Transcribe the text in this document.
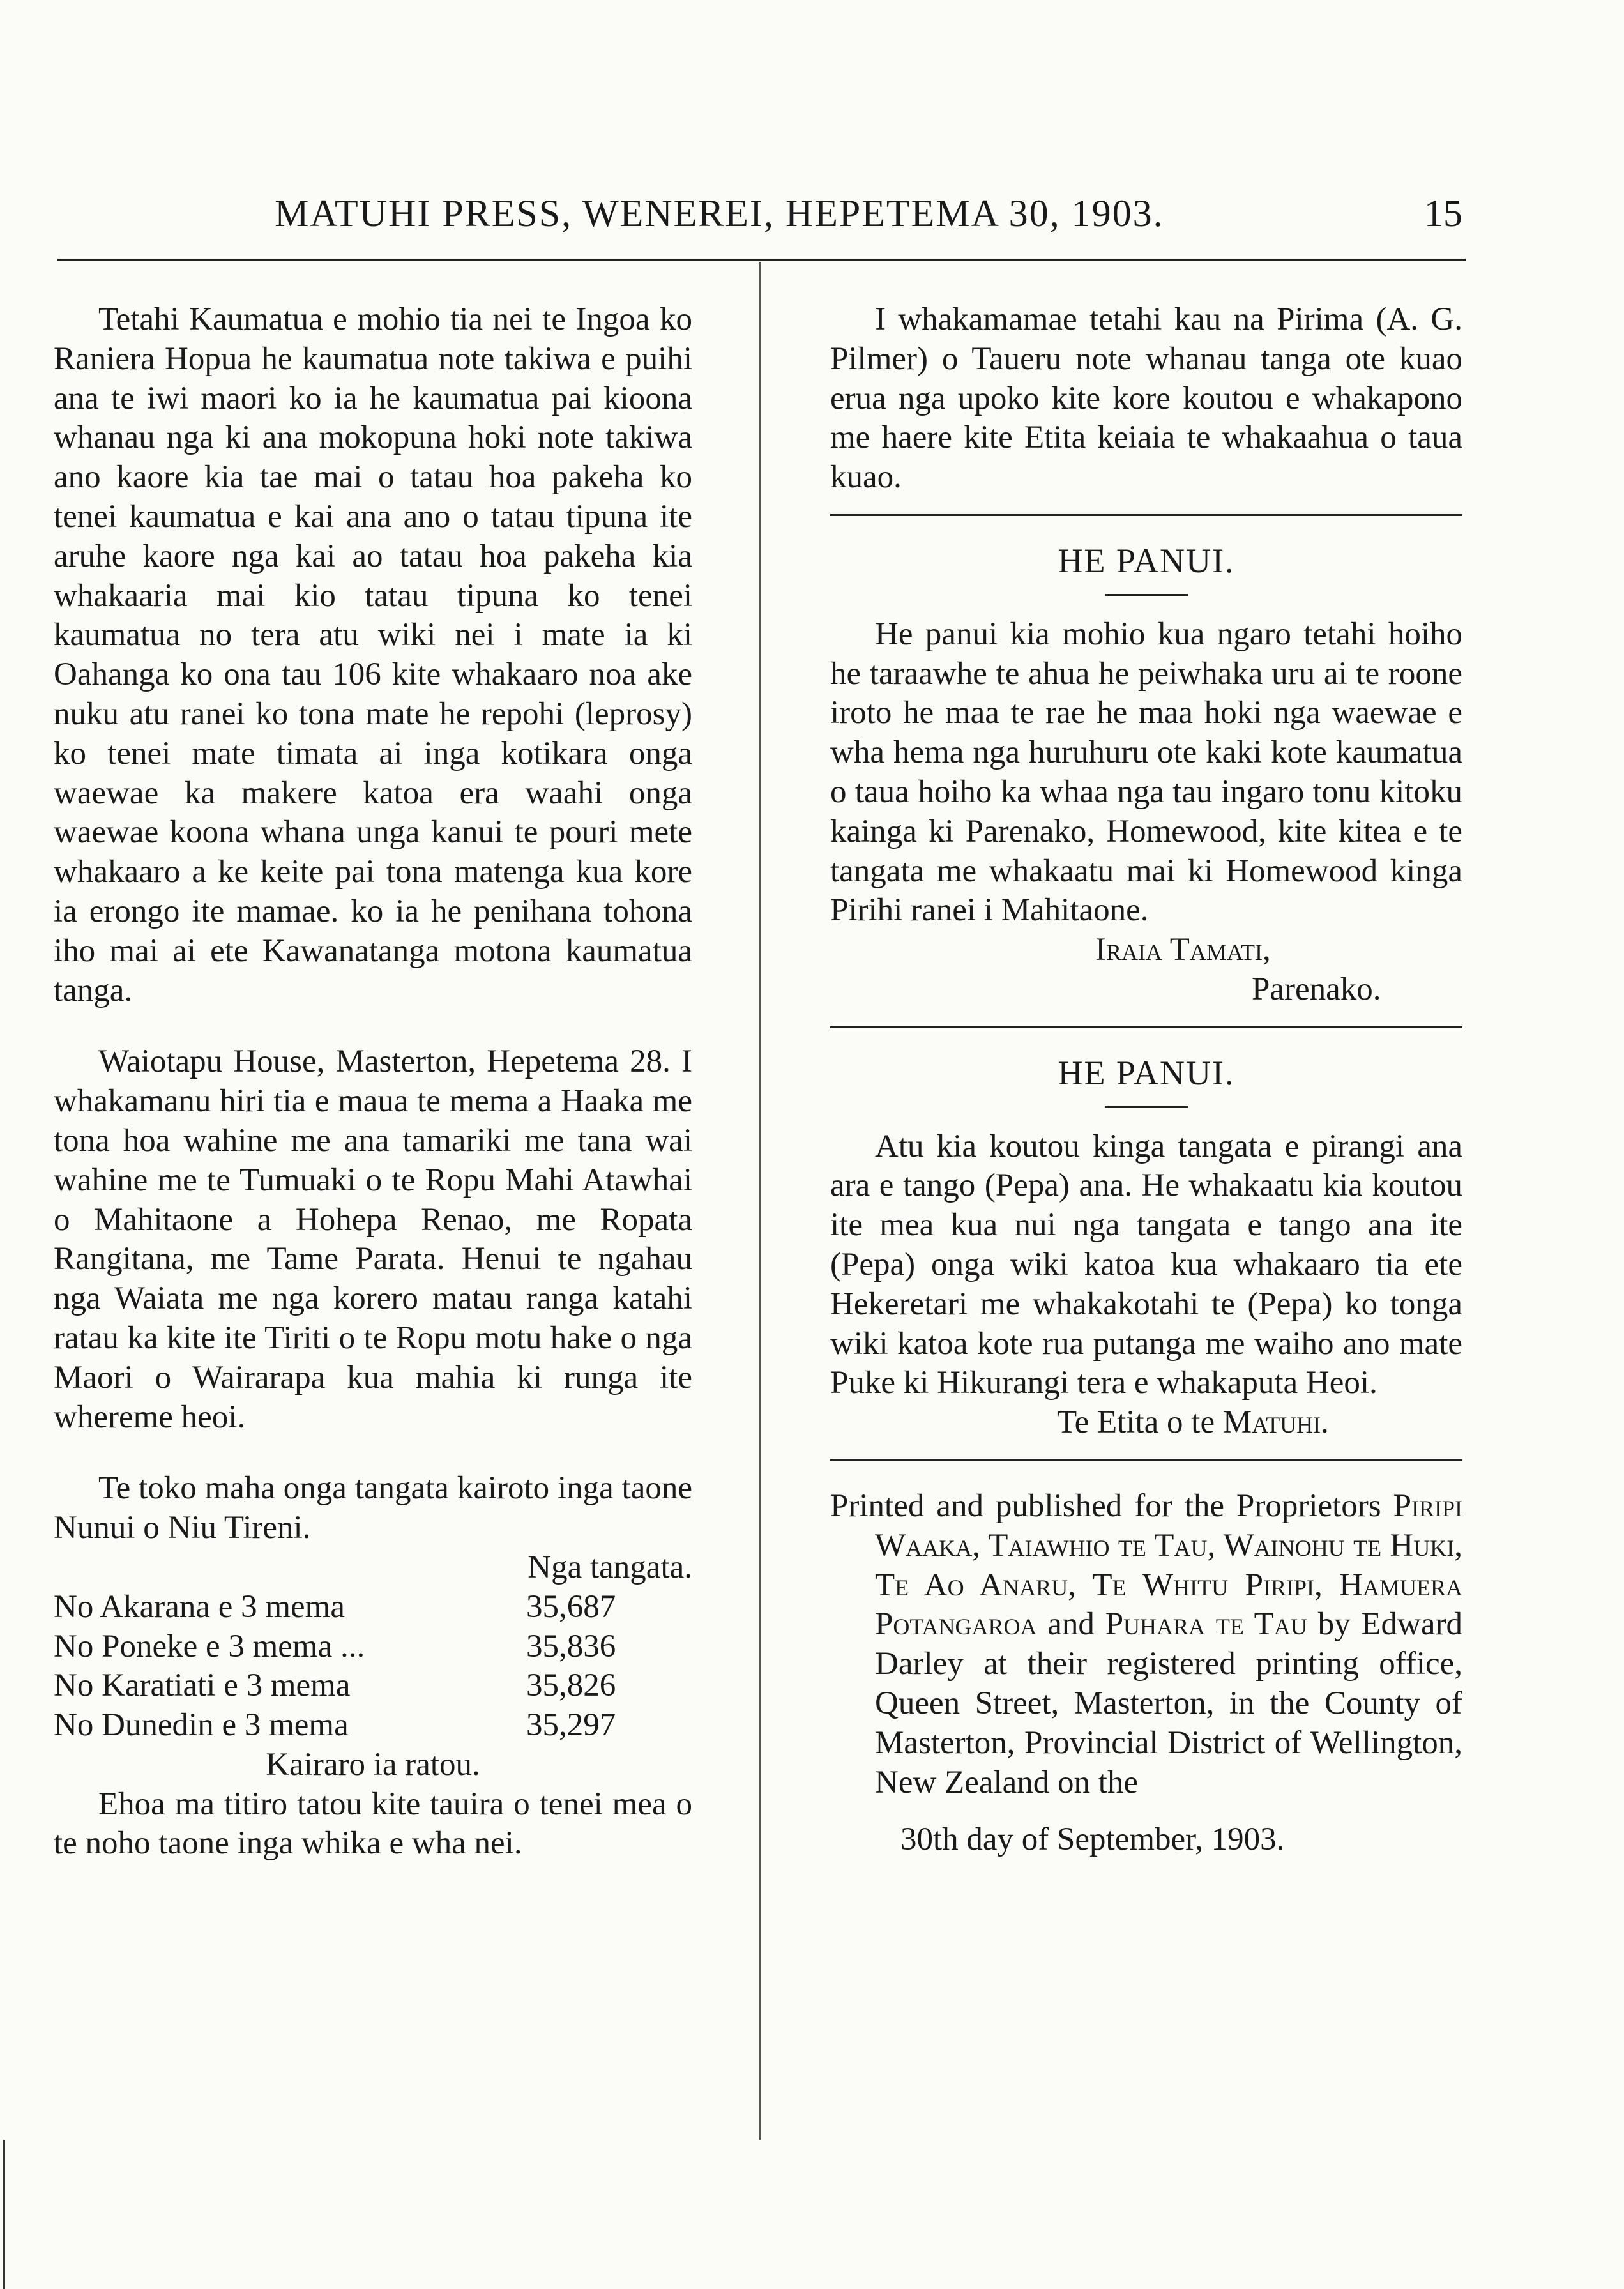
MATUHI PRESS, WENEREI, HEPETEMA 30, 1903.	15

Tetahi Kaumatua e mohio tia nei te Ingoa ko Raniera Hopua he kaumatua note takiwa e puihi ana te iwi maori ko ia he kaumatua pai kioona whanau nga ki ana mokopuna hoki note takiwa ano kaore kia tae mai o tatau hoa pakeha ko tenei kaumatua e kai ana ano o tatau tipuna ite aruhe kaore nga kai ao tatau hoa pakeha kia whakaaria mai kio tatau tipuna ko tenei kaumatua no tera atu wiki nei i mate ia ki Oahanga ko ona tau 106 kite whakaaro noa ake nuku atu ranei ko tona mate he repohi (leprosy) ko tenei mate timata ai inga kotikara onga waewae ka makere katoa era waahi onga waewae koona whana unga kanui te pouri mete whakaaro a ke keite pai tona matenga kua kore ia erongo ite mamae. ko ia he penihana tohona iho mai ai ete Kawanatanga motona kaumatua tanga.

Waiotapu House, Masterton, Hepetema 28. I whakamanu hiri tia e maua te mema a Haaka me tona hoa wahine me ana tamariki me tana wai wahine me te Tumuaki o te Ropu Mahi Atawhai o Mahitaone a Hohepa Renao, me Ropata Rangitana, me Tame Parata. Henui te ngahau nga Waiata me nga korero matau ranga katahi ratau ka kite ite Tiriti o te Ropu motu hake o nga Maori o Wairarapa kua mahia ki runga ite whereme heoi.

Te toko maha onga tangata kairoto inga taone Nunui o Niu Tireni.

Nga tangata.

No Akarana e 3 mema	35,687
No Poneke e 3 mema ...	35,836
No Karatiati e 3 mema	35,826
No Dunedin e 3 mema	35,297

Kairaro ia ratou.

Ehoa ma titiro tatou kite tauira o tenei mea o te noho taone inga whika e wha nei.

I whakamamae tetahi kau na Pirima (A. G. Pilmer) o Taueru note whanau tanga ote kuao erua nga upoko kite kore koutou e whakapono me haere kite Etita keiaia te whakaahua o taua kuao.

HE PANUI.

He panui kia mohio kua ngaro tetahi hoiho he taraawhe te ahua he peiwhaka uru ai te roone iroto he maa te rae he maa hoki nga waewae e wha hema nga huruhuru ote kaki kote kaumatua o taua hoiho ka whaa nga tau ingaro tonu kitoku kainga ki Parenako, Homewood, kite kitea e te tangata me whakaatu mai ki Homewood kinga Pirihi ranei i Mahitaone.

Iraia Tamati,

Parenako.

HE PANUI.

Atu kia koutou kinga tangata e pirangi ana ara e tango (Pepa) ana. He whakaatu kia koutou ite mea kua nui nga tangata e tango ana ite (Pepa) onga wiki katoa kua whakaaro tia ete Hekeretari me whakakotahi te (Pepa) ko tonga wiki katoa kote rua putanga me waiho ano mate Puke ki Hikurangi tera e whakaputa Heoi.

Te Etita o te Matuhi.

Printed and published for the Proprietors Piripi Waaka, Taiawhio te Tau, Wainohu te Huki, Te Ao Anaru, Te Whitu Piripi, Hamuera Potangaroa and Puhara te Tau by Edward Darley at their registered printing office, Queen Street, Masterton, in the County of Masterton, Provincial District of Wellington, New Zealand on the

30th day of September, 1903.
